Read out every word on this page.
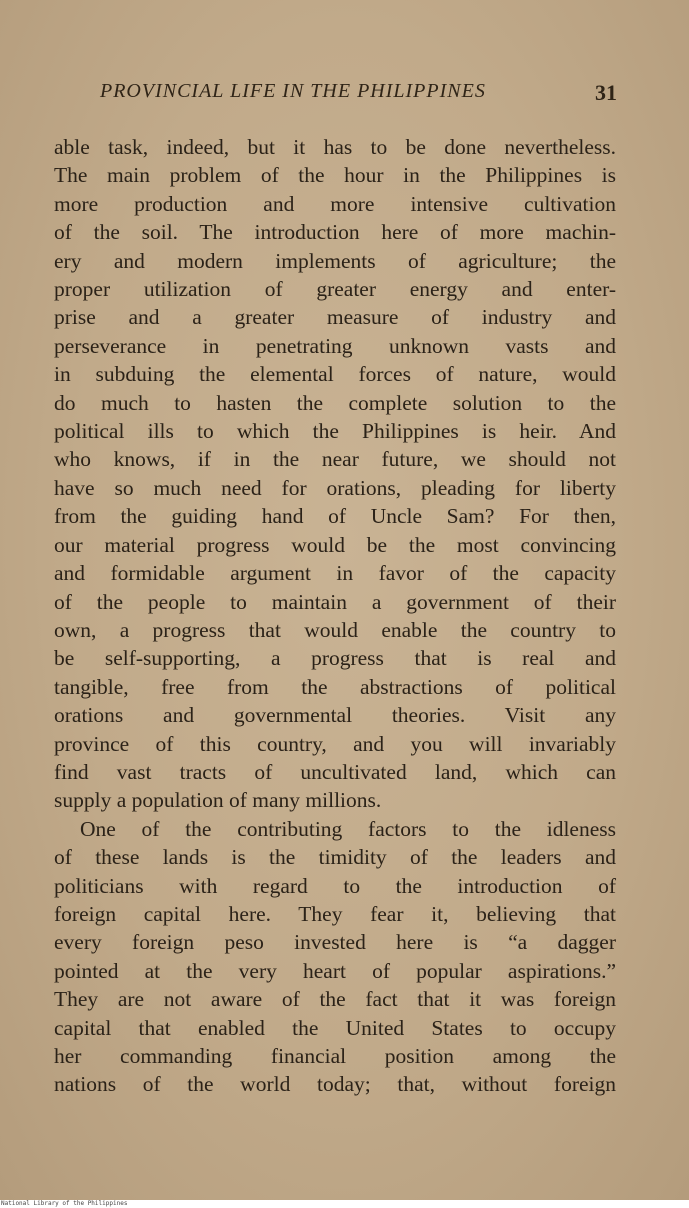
PROVINCIAL LIFE IN THE PHILIPPINES	31
able task, indeed, but it has to be done nevertheless.
The main problem of the hour in the Philippines is
more production and more intensive cultivation
of the soil. The introduction here of more machin-
ery and modern implements of agriculture; the
proper utilization of greater energy and enter-
prise and a greater measure of industry and
perseverance in penetrating unknown vasts and
in subduing the elemental forces of nature, would
do much to hasten the complete solution to the
political ills to which the Philippines is heir. And
who knows, if in the near future, we should not
have so much need for orations, pleading for liberty
from the guiding hand of Uncle Sam? For then,
our material progress would be the most convincing
and formidable argument in favor of the capacity
of the people to maintain a government of their
own, a progress that would enable the country to
be self-supporting, a progress that is real and
tangible, free from the abstractions of political
orations and governmental theories. Visit any
province of this country, and you will invariably
find vast tracts of uncultivated land, which can
supply a population of many millions.
One of the contributing factors to the idleness
of these lands is the timidity of the leaders and
politicians with regard to the introduction of
foreign capital here. They fear it, believing that
every foreign peso invested here is “a dagger
pointed at the very heart of popular aspirations.”
They are not aware of the fact that it was foreign
capital that enabled the United States to occupy
her commanding financial position among the
nations of the world today; that, without foreign
National Library of the Philippines
